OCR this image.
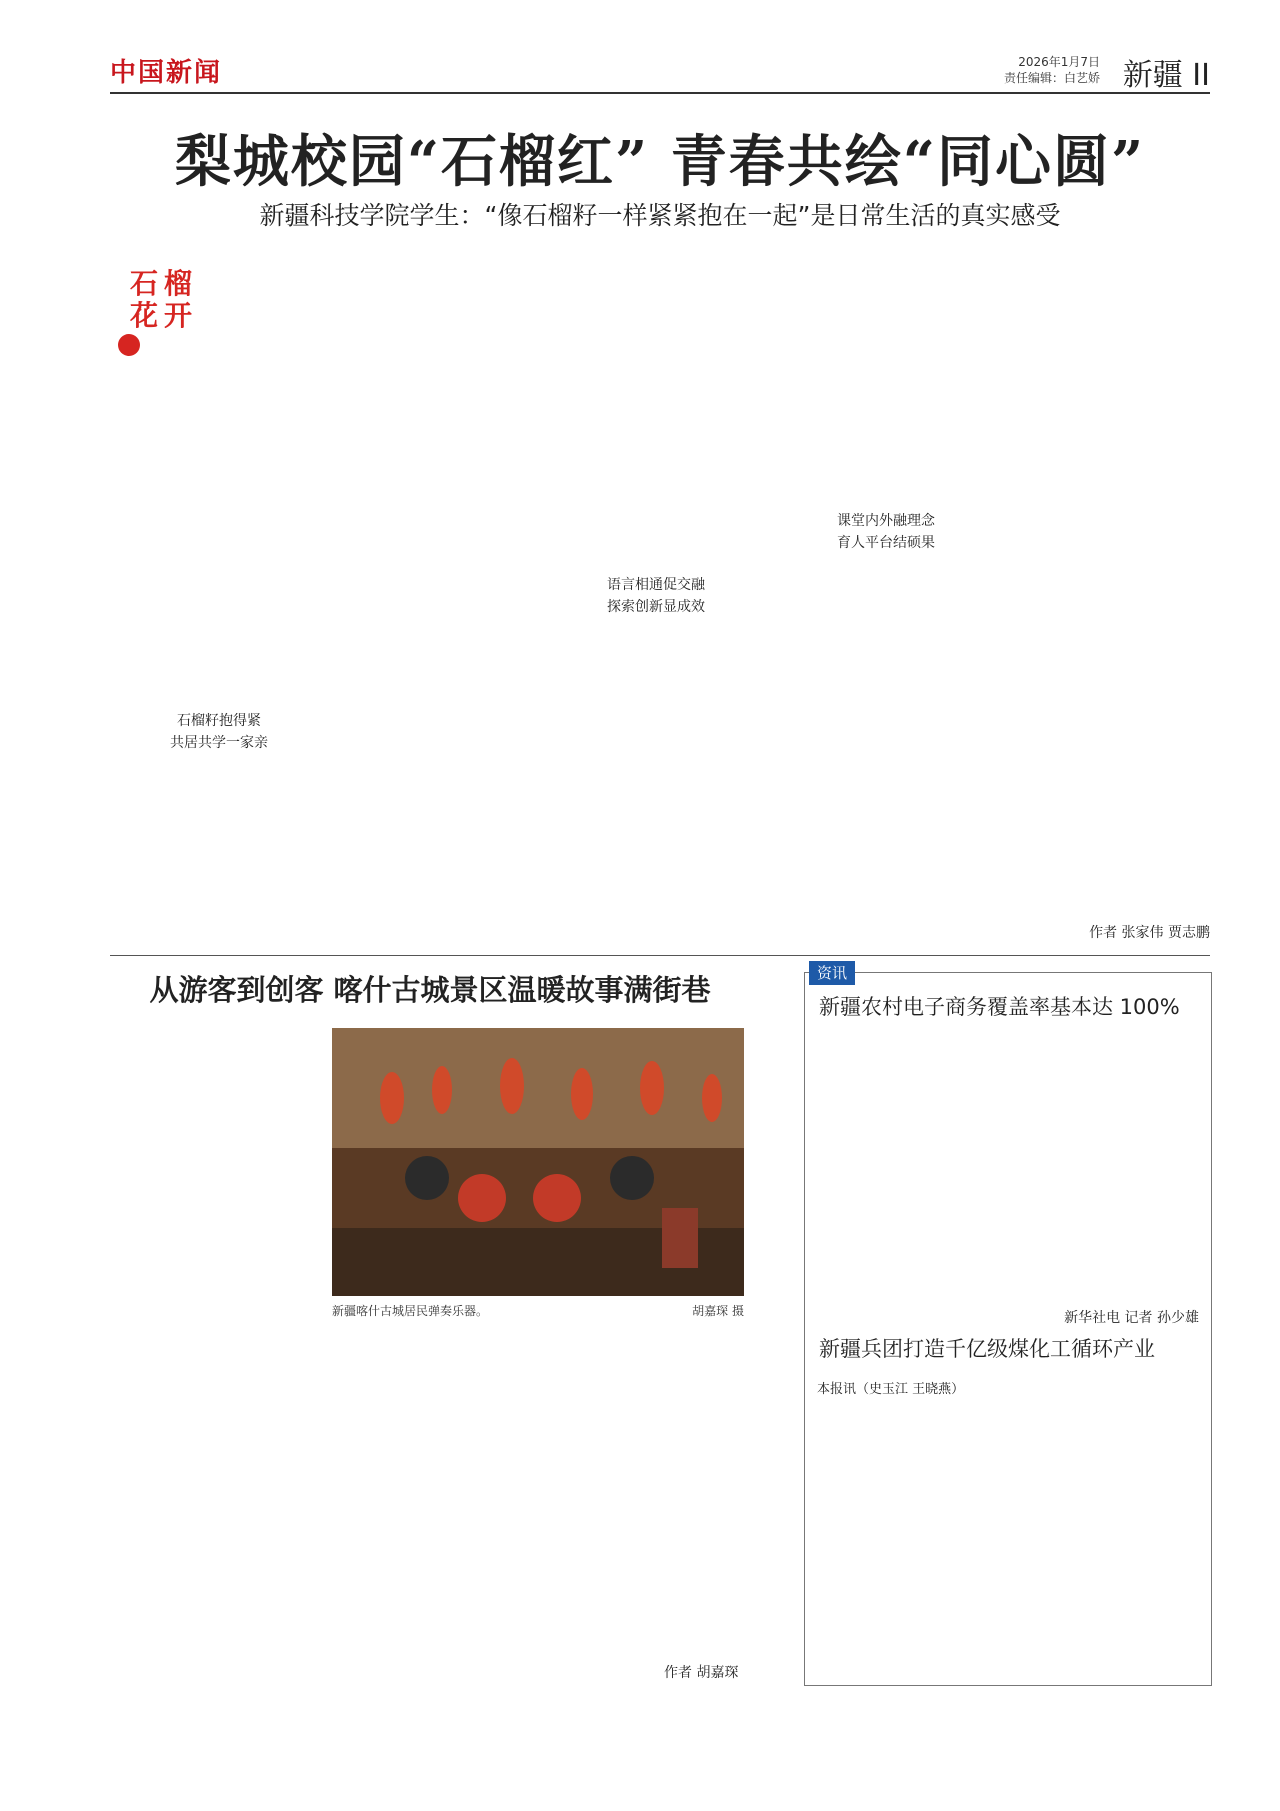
中国新闻	2026年1月7日
责任编辑：白艺娇 新疆 II
梨城校园“石榴红” 青春共绘“同心圆”
新疆科技学院学生：“像石榴籽一样紧紧抱在一起”是日常生活的真实感受
石榴花开
石榴籽抱得紧
共居共学一家亲
语言相通促交融
探索创新显成效
课堂内外融理念
育人平台结硕果
作者 张家伟 贾志鹏
从游客到创客 喀什古城景区温暖故事满街巷
新疆喀什古城居民弹奏乐器。	胡嘉琛 摄
作者 胡嘉琛
资讯
新疆农村电子商务覆盖率基本达 100%
新华社电 记者 孙少雄
新疆兵团打造千亿级煤化工循环产业
本报讯（史玉江 王晓燕）
